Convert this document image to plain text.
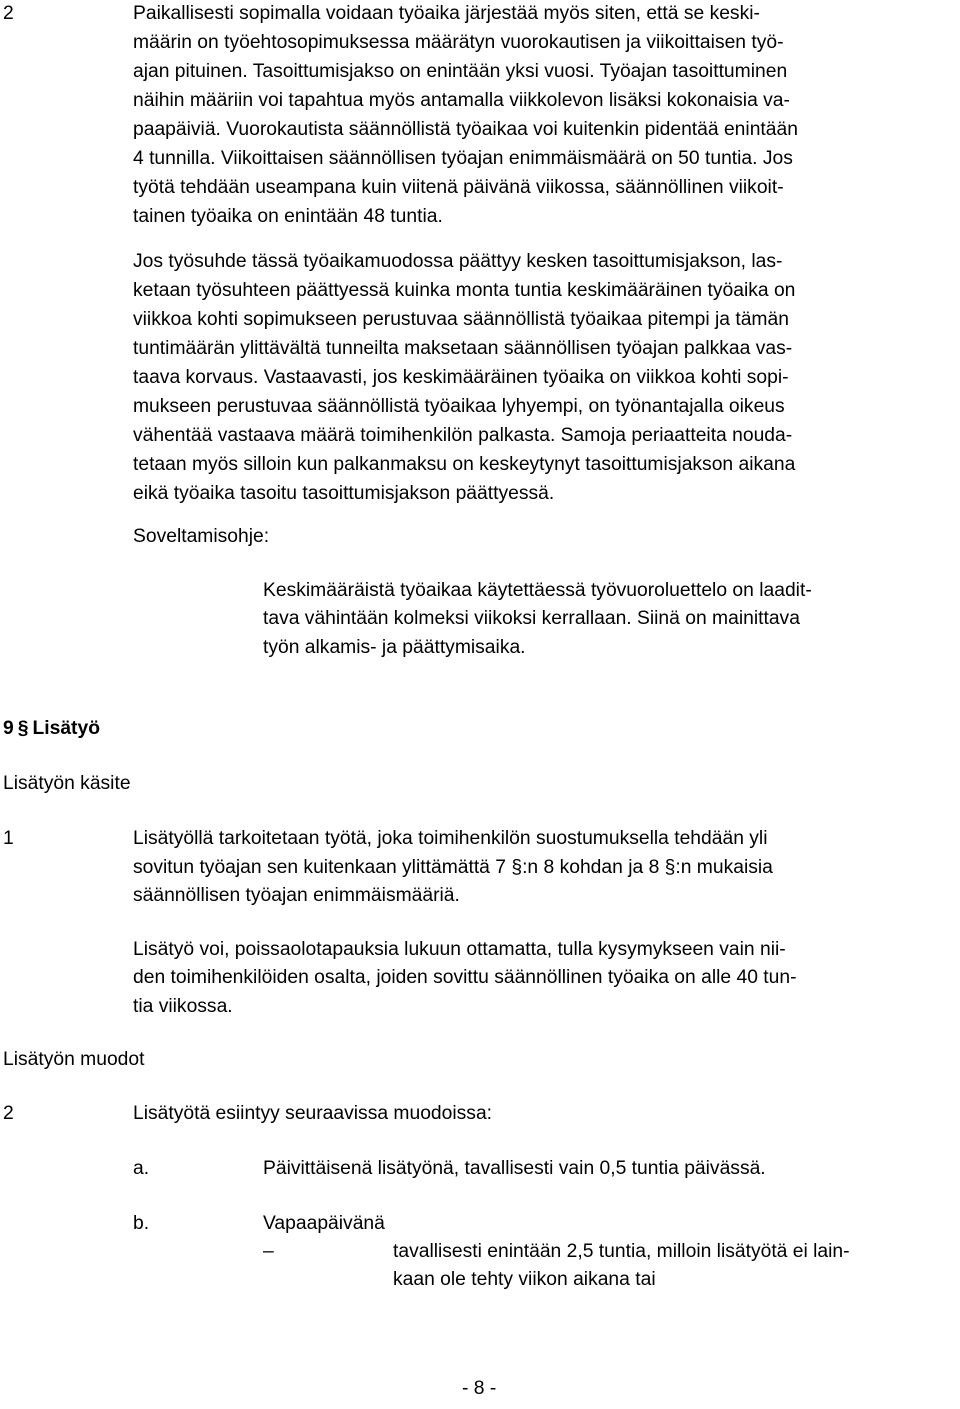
2	Paikallisesti sopimalla voidaan työaika järjestää myös siten, että se keski-
määrin on työehtosopimuksessa määrätyn vuorokautisen ja viikoittaisen työ-
ajan pituinen. Tasoittumisjakso on enintään yksi vuosi. Työajan tasoittuminen
näihin määriin voi tapahtua myös antamalla viikkolevon lisäksi kokonaisia va-
paapäiviä. Vuorokautista säännöllistä työaikaa voi kuitenkin pidentää enintään
4 tunnilla. Viikoittaisen säännöllisen työajan enimmäismäärä on 50 tuntia. Jos
työtä tehdään useampana kuin viitenä päivänä viikossa, säännöllinen viikoit-
tainen työaika on enintään 48 tuntia.
Jos työsuhde tässä työaikamuodossa päättyy kesken tasoittumisjakson, las-
ketaan työsuhteen päättyessä kuinka monta tuntia keskimääräinen työaika on
viikkoa kohti sopimukseen perustuvaa säännöllistä työaikaa pitempi ja tämän
tuntimäärän ylittävältä tunneilta maksetaan säännöllisen työajan palkkaa vas-
taava korvaus. Vastaavasti, jos keskimääräinen työaika on viikkoa kohti sopi-
mukseen perustuvaa säännöllistä työaikaa lyhyempi, on työnantajalla oikeus
vähentää vastaava määrä toimihenkilön palkasta. Samoja periaatteita nouda-
tetaan myös silloin kun palkanmaksu on keskeytynyt tasoittumisjakson aikana
eikä työaika tasoitu tasoittumisjakson päättyessä.
Soveltamisohje:
Keskimääräistä työaikaa käytettäessä työvuoroluettelo on laadit-
tava vähintään kolmeksi viikoksi kerrallaan. Siinä on mainittava
työn alkamis- ja päättymisaika.
9 § Lisätyö
Lisätyön käsite
1	Lisätyöllä tarkoitetaan työtä, joka toimihenkilön suostumuksella tehdään yli
sovitun työajan sen kuitenkaan ylittämättä 7 §:n 8 kohdan ja 8 §:n mukaisia
säännöllisen työajan enimmäismääriä.
Lisätyö voi, poissaolotapauksia lukuun ottamatta, tulla kysymykseen vain nii-
den toimihenkilöiden osalta, joiden sovittu säännöllinen työaika on alle 40 tun-
tia viikossa.
Lisätyön muodot
2	Lisätyötä esiintyy seuraavissa muodoissa:
a.	Päivittäisenä lisätyönä, tavallisesti vain 0,5 tuntia päivässä.
b.	Vapaapäivänä
–	tavallisesti enintään 2,5 tuntia, milloin lisätyötä ei lain-
kaan ole tehty viikon aikana tai
- 8 -
